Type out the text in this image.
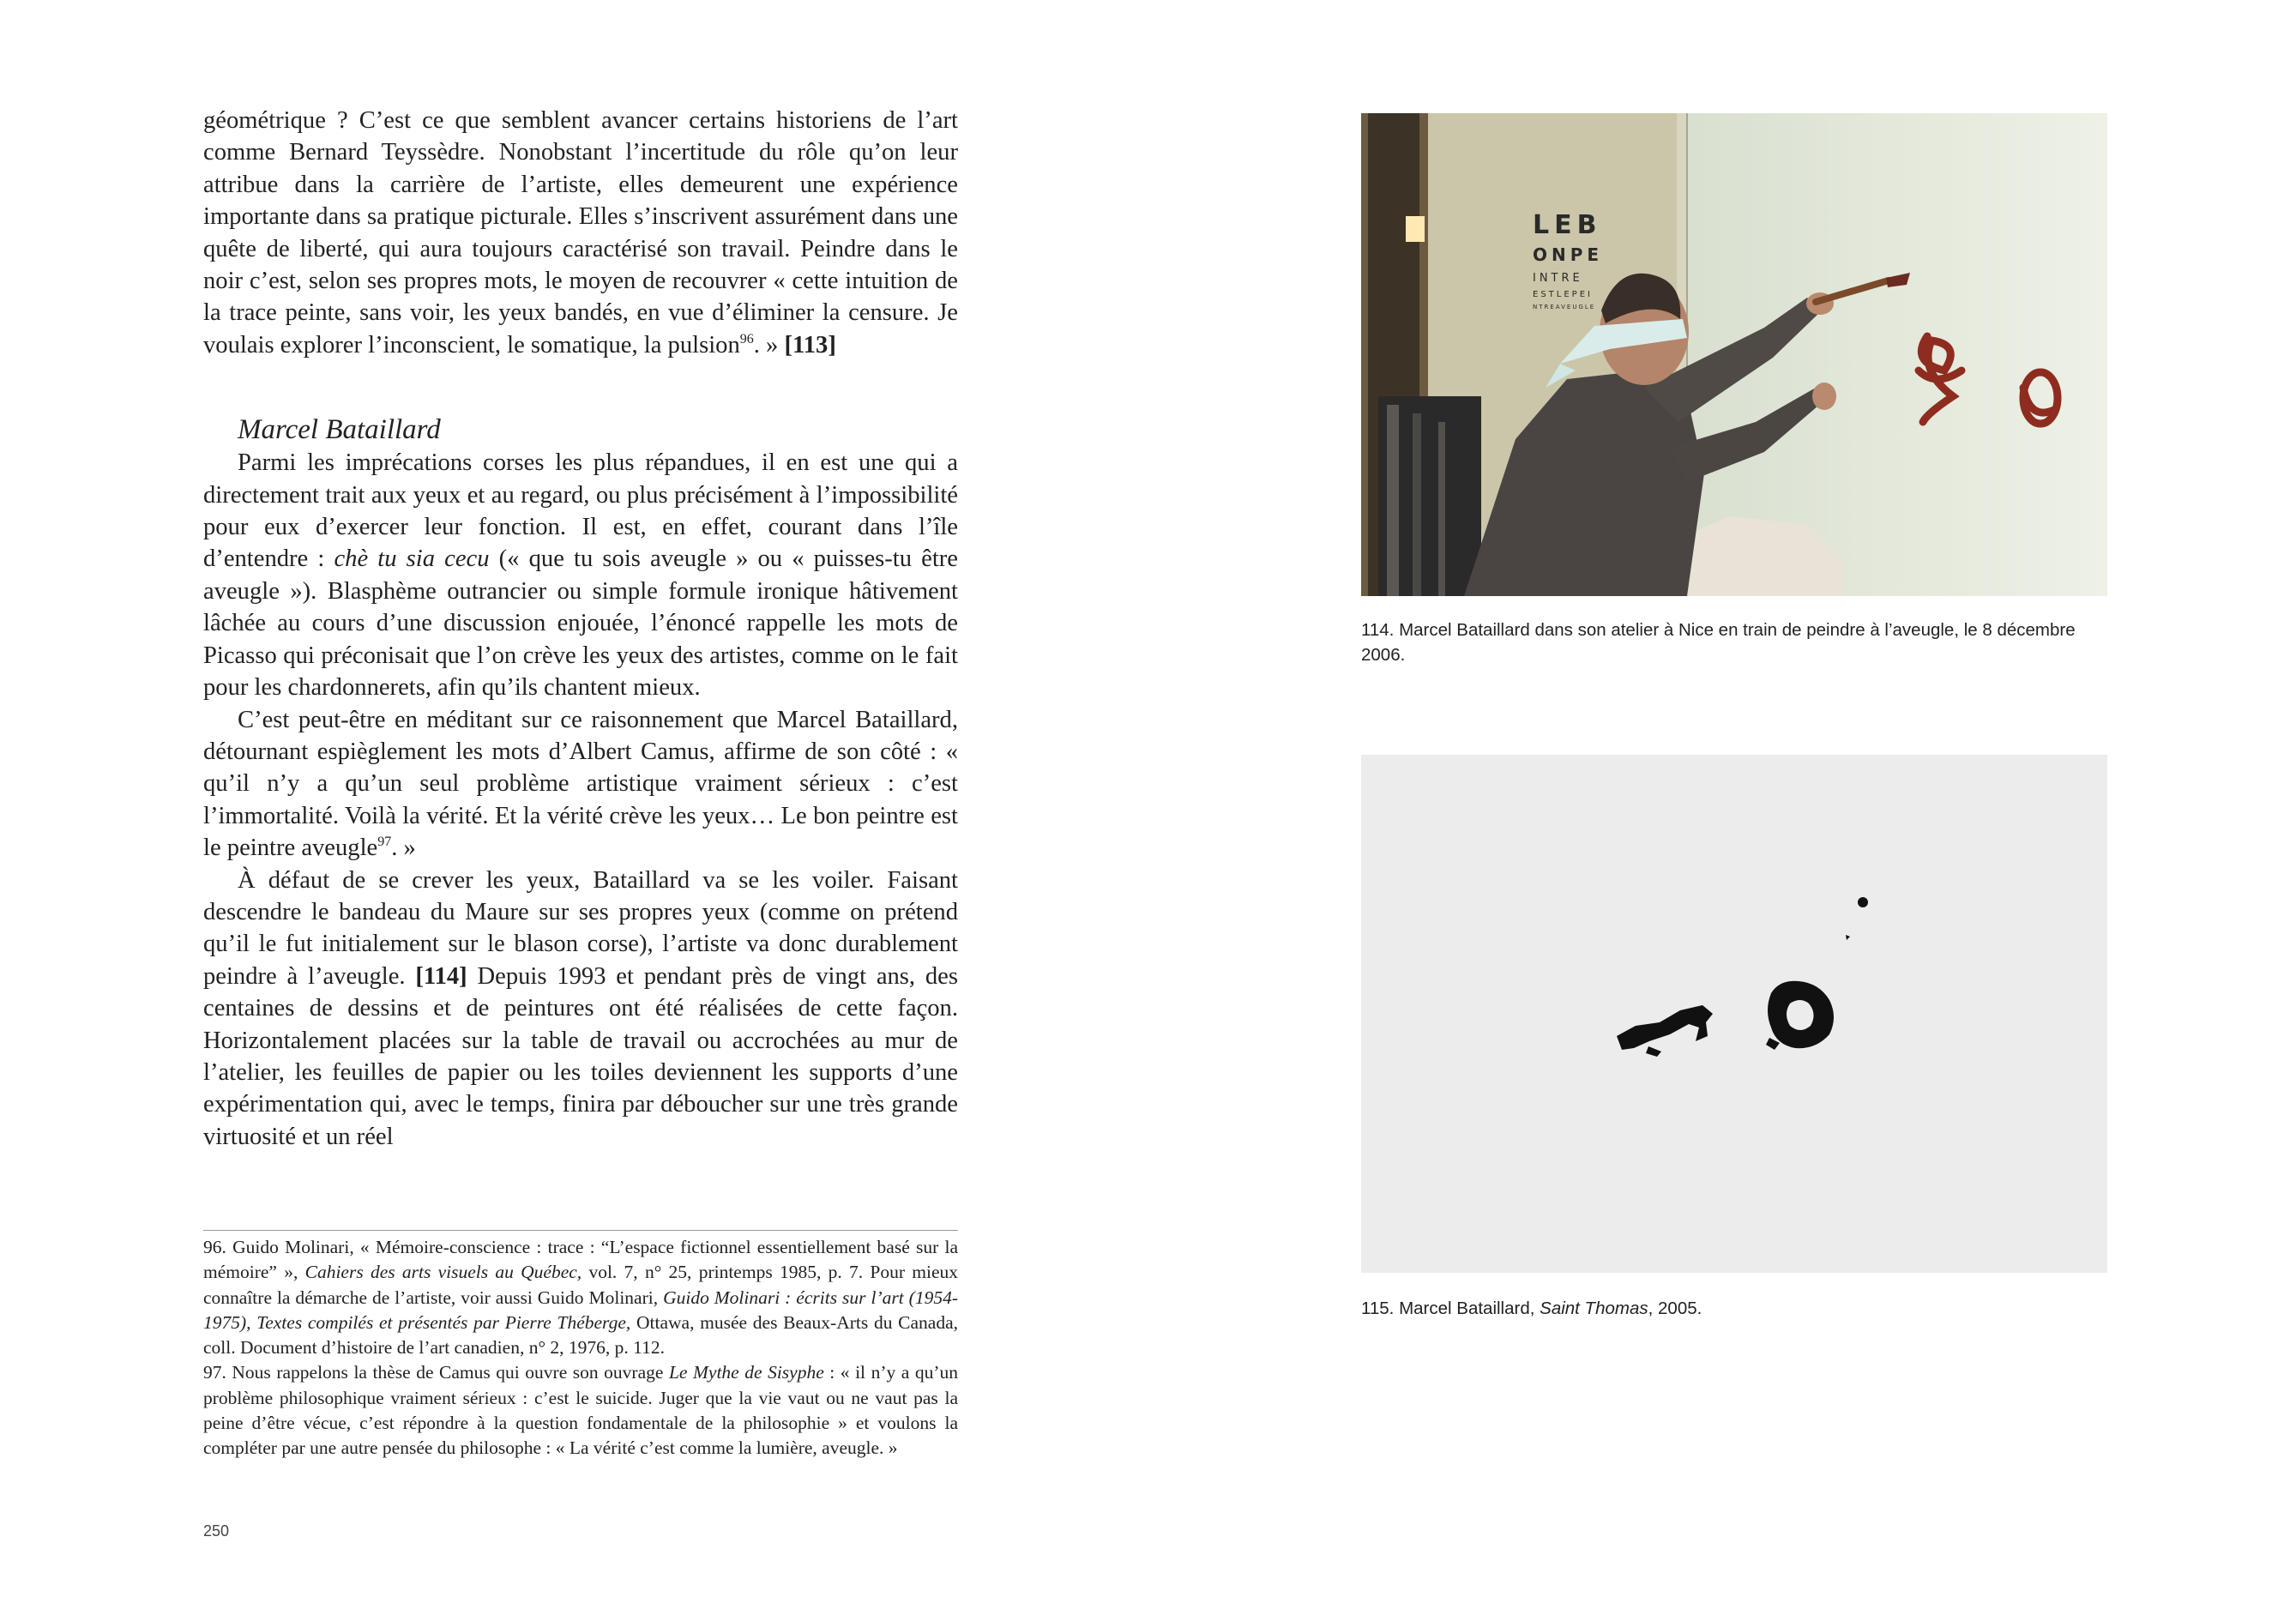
géométrique ? C’est ce que semblent avancer certains historiens de l’art comme Bernard Teyssèdre. Nonobstant l’incertitude du rôle qu’on leur attribue dans la carrière de l’artiste, elles demeurent une expérience importante dans sa pratique picturale. Elles s’inscrivent assurément dans une quête de liberté, qui aura toujours caractérisé son travail. Peindre dans le noir c’est, selon ses propres mots, le moyen de recouvrer « cette intuition de la trace peinte, sans voir, les yeux bandés, en vue d’éliminer la censure. Je voulais explorer l’inconscient, le somatique, la pulsion$^{96}$. » [113]

Marcel Bataillard

Parmi les imprécations corses les plus répandues, il en est une qui a directement trait aux yeux et au regard, ou plus précisément à l’impossibilité pour eux d’exercer leur fonction. Il est, en effet, courant dans l’île d’entendre : chè tu sia cecu (« que tu sois aveugle » ou « puisses-tu être aveugle »). Blasphème outrancier ou simple formule ironique hâtivement lâchée au cours d’une discussion enjouée, l’énoncé rappelle les mots de Picasso qui préconisait que l’on crève les yeux des artistes, comme on le fait pour les chardonnerets, afin qu’ils chantent mieux.

C’est peut-être en méditant sur ce raisonnement que Marcel Bataillard, détournant espièglement les mots d’Albert Camus, affirme de son côté : « qu’il n’y a qu’un seul problème artistique vraiment sérieux : c’est l’immortalité. Voilà la vérité. Et la vérité crève les yeux… Le bon peintre est le peintre aveugle$^{97}$. »

À défaut de se crever les yeux, Bataillard va se les voiler. Faisant descendre le bandeau du Maure sur ses propres yeux (comme on prétend qu’il le fut initialement sur le blason corse), l’artiste va donc durablement peindre à l’aveugle. [114] Depuis 1993 et pendant près de vingt ans, des centaines de dessins et de peintures ont été réalisées de cette façon. Horizontalement placées sur la table de travail ou accrochées au mur de l’atelier, les feuilles de papier ou les toiles deviennent les supports d’une expérimentation qui, avec le temps, finira par déboucher sur une très grande virtuosité et un réel

96. Guido Molinari, « Mémoire-conscience : trace : “L’espace fictionnel essentiellement basé sur la mémoire” », Cahiers des arts visuels au Québec, vol. 7, n° 25, printemps 1985, p. 7. Pour mieux connaître la démarche de l’artiste, voir aussi Guido Molinari, Guido Molinari : écrits sur l’art (1954-1975), Textes compilés et présentés par Pierre Théberge, Ottawa, musée des Beaux-Arts du Canada, coll. Document d’histoire de l’art canadien, n° 2, 1976, p. 112.

97. Nous rappelons la thèse de Camus qui ouvre son ouvrage Le Mythe de Sisyphe : « il n’y a qu’un problème philosophique vraiment sérieux : c’est le suicide. Juger que la vie vaut ou ne vaut pas la peine d’être vécue, c’est répondre à la question fondamentale de la philosophie » et voulons la compléter par une autre pensée du philosophe : « La vérité c’est comme la lumière, aveugle. »

250
LEB
ONPE
INTRE
ESTLEPEI
NTREAVEUGLE
114. Marcel Bataillard dans son atelier à Nice en train de peindre à l’aveugle, le 8 décembre 2006.
115. Marcel Bataillard, Saint Thomas, 2005.
